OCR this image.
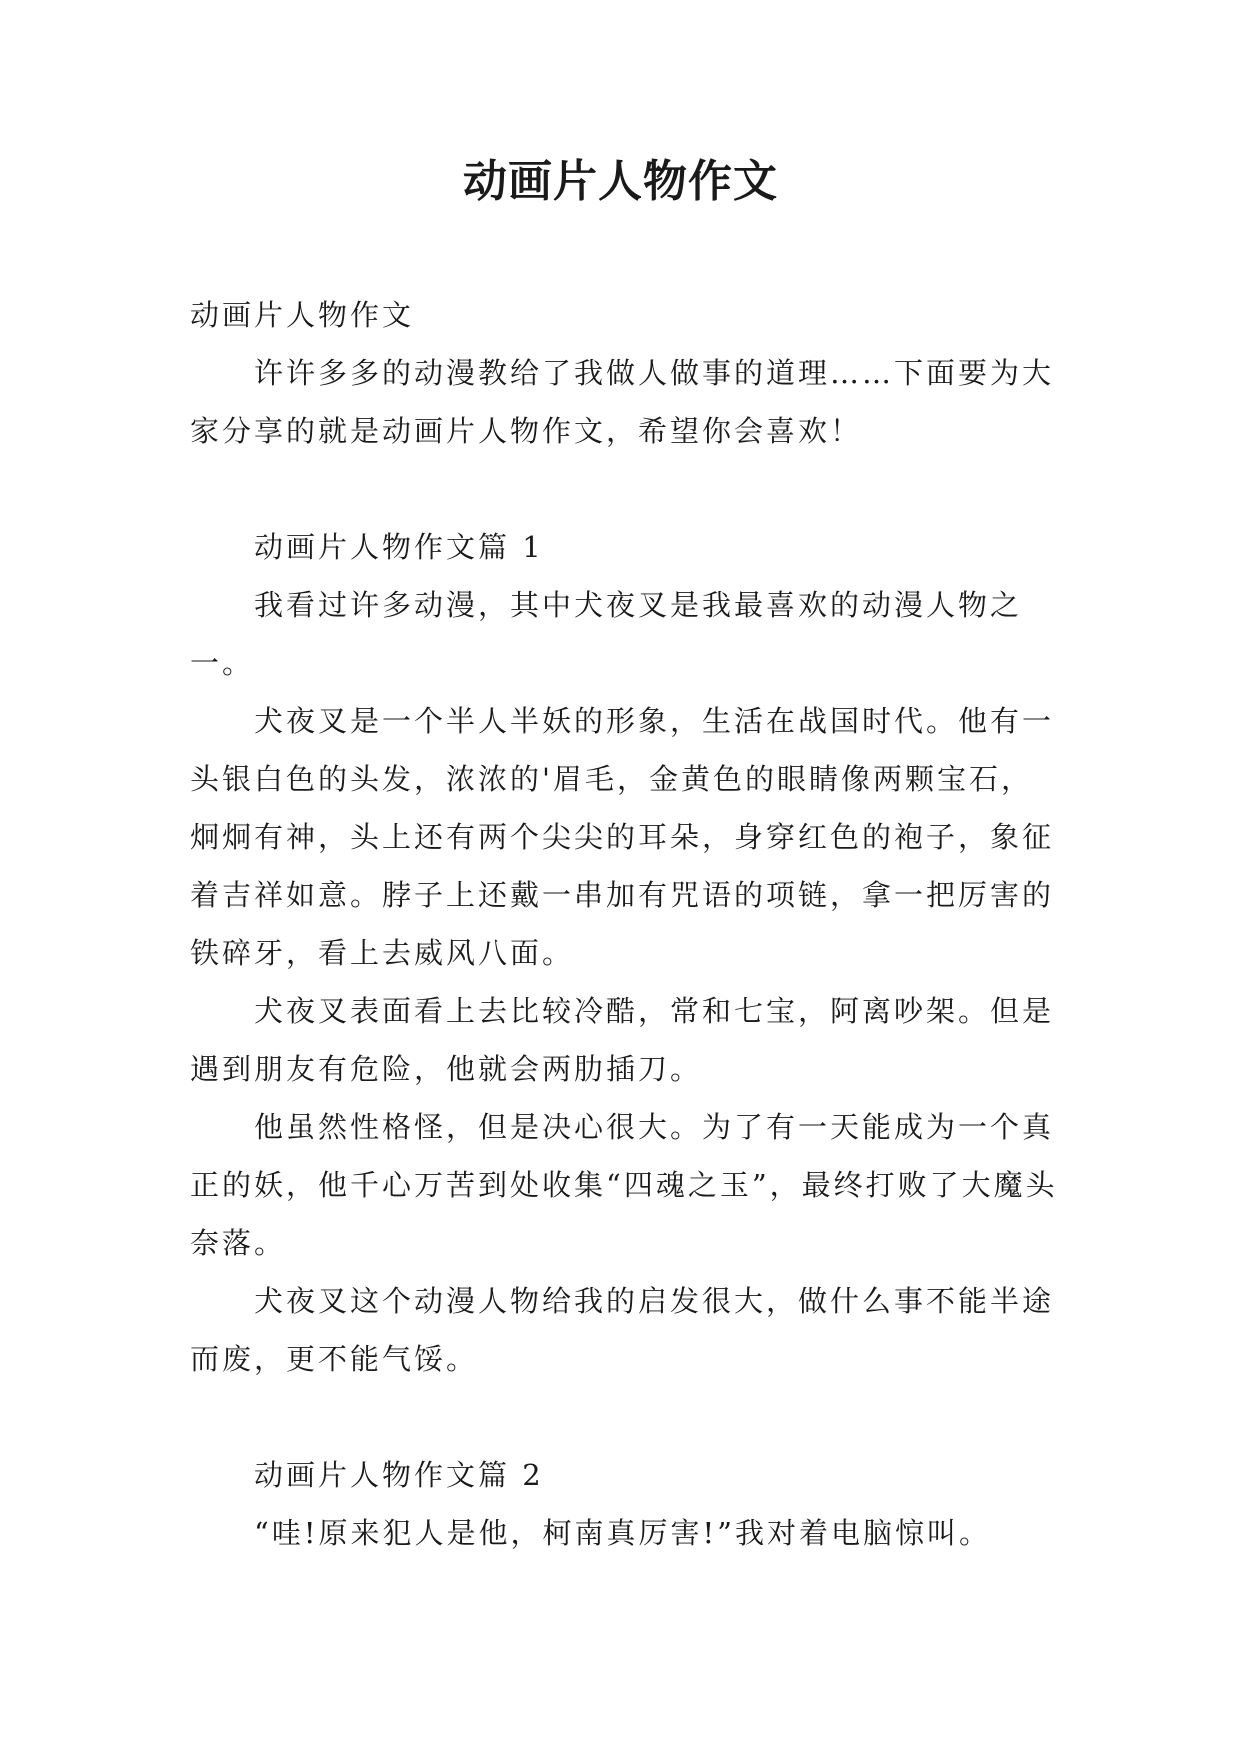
动画片人物作文

动画片人物作文

许许多多的动漫教给了我做人做事的道理……下面要为大家分享的就是动画片人物作文，希望你会喜欢！

动画片人物作文篇 1

我看过许多动漫，其中犬夜叉是我最喜欢的动漫人物之一。

犬夜叉是一个半人半妖的形象，生活在战国时代。他有一头银白色的头发，浓浓的'眉毛，金黄色的眼睛像两颗宝石，炯炯有神，头上还有两个尖尖的耳朵，身穿红色的袍子，象征着吉祥如意。脖子上还戴一串加有咒语的项链，拿一把厉害的铁碎牙，看上去威风八面。

犬夜叉表面看上去比较冷酷，常和七宝，阿离吵架。但是遇到朋友有危险，他就会两肋插刀。

他虽然性格怪，但是决心很大。为了有一天能成为一个真正的妖，他千心万苦到处收集“四魂之玉”，最终打败了大魔头奈落。

犬夜叉这个动漫人物给我的启发很大，做什么事不能半途而废，更不能气馁。

动画片人物作文篇 2

“哇!原来犯人是他，柯南真厉害!”我对着电脑惊叫。
